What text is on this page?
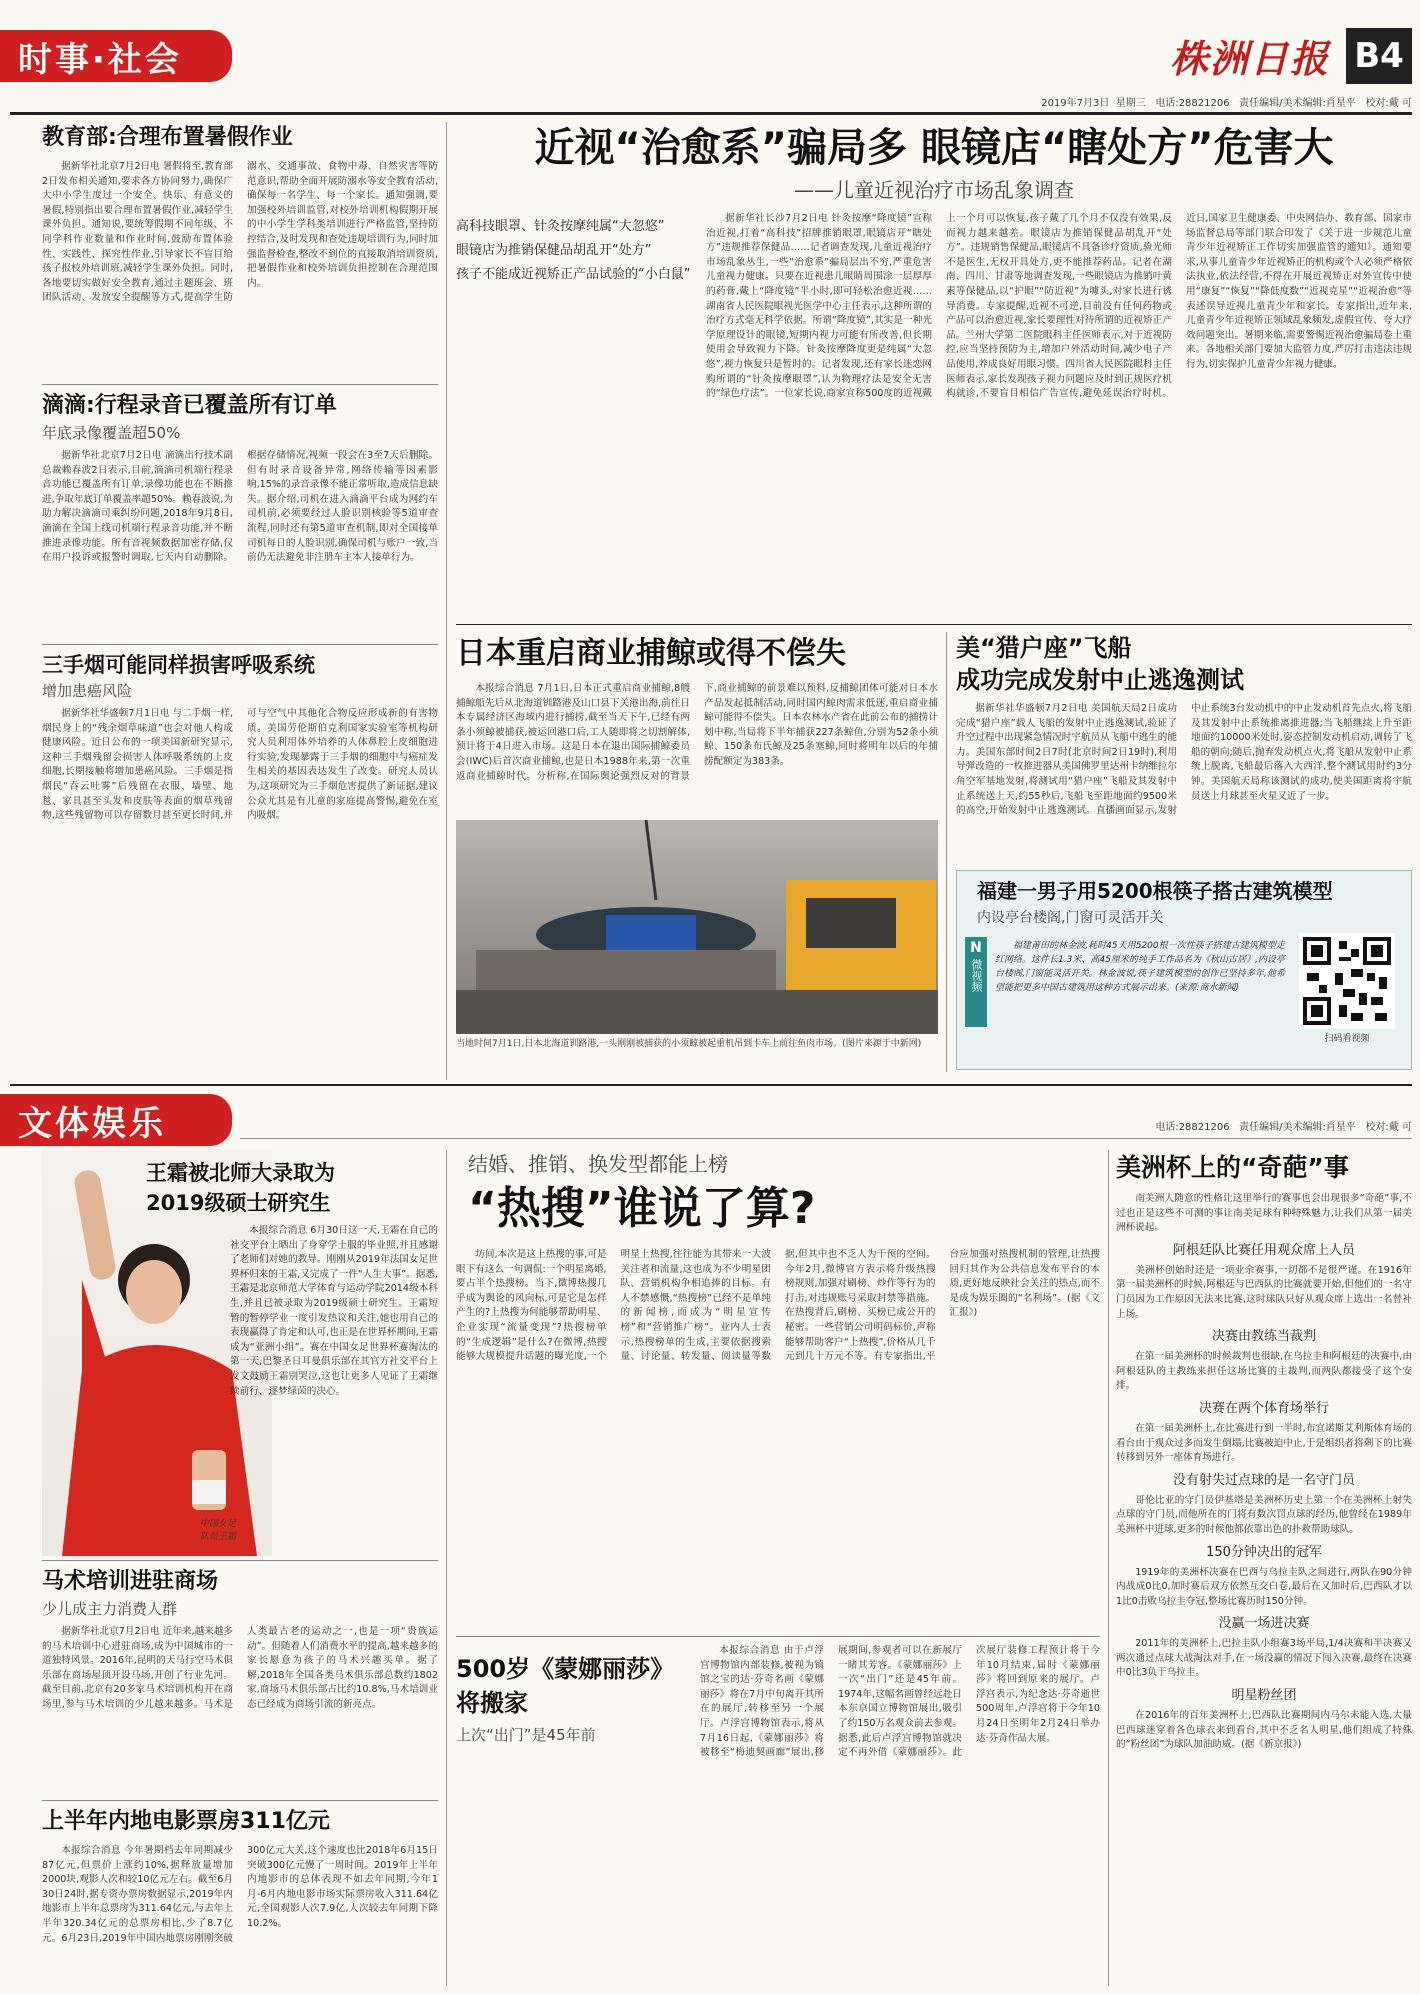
时事·社会	株洲日报 B4
2019年7月3日 星期三 电话:28821206 责任编辑/美术编辑:肖星平 校对:戴 可
教育部:合理布置暑假作业
据新华社北京7月2日电 暑假将至,教育部2日发布相关通知,要求各方协同努力,确保广大中小学生度过一个安全、快乐、有意义的暑假,特别指出要合理布置暑假作业,减轻学生课外负担。通知说,要统筹假期不同年级、不同学科作业数量和作业时间,鼓励布置体验性、实践性、探究性作业,引导家长不盲目给孩子报校外培训班,减轻学生课外负担。同时,各地要切实做好安全教育,通过主题班会、班团队活动、发放安全提醒等方式,提高学生防溺水、交通事故、食物中毒、自然灾害等防范意识,帮助全面开展防溺水等安全教育活动,确保每一名学生、每一个家长。通知强调,要加强校外培训监管,对校外培训机构假期开展的中小学生学科类培训进行严格监管,坚持防控结合,及时发现和查处违规培训行为,同时加强监督检查,整改不到位的直接取消培训资质,把暑假作业和校外培训负担控制在合理范围内。
滴滴:行程录音已覆盖所有订单
年底录像覆盖超50%
据新华社北京7月2日电 滴滴出行技术副总裁赖春波2日表示,目前,滴滴司机端行程录音功能已覆盖所有订单,录像功能也在不断推进,争取年底订单覆盖率超50%。赖春波说,为助力解决滴滴司乘纠纷问题,2018年9月8日,滴滴在全国上线司机端行程录音功能,并不断推进录像功能。所有音视频数据加密存储,仅在用户投诉或报警时调取,七天内自动删除。根据存储情况,视频一段会在3至7天后删除。但有时录音设备异常,网络传输等因素影响,15%的录音录像不能正常听取,造成信息缺失。据介绍,司机在进入滴滴平台成为网约车司机前,必须要经过人脸识别核验等5道审查流程,同时还有第5道审查机制,即对全国接单司机每日的人脸识别,确保司机与账户一致,当前仍无法避免非注册车主本人接单行为。
三手烟可能同样损害呼吸系统
增加患癌风险
据新华社华盛顿7月1日电 与二手烟一样,烟民身上的“残余烟草味道”也会对他人构成健康风险。近日公布的一项美国新研究显示,这种三手烟残留会损害人体呼吸系统的上皮细胞,长期接触将增加患癌风险。三手烟是指烟民“吞云吐雾”后残留在衣服、墙壁、地毯、家具甚至头发和皮肤等表面的烟草残留物,这些残留物可以存留数月甚至更长时间,并可与空气中其他化合物反应形成新的有害物质。美国劳伦斯伯克利国家实验室等机构研究人员利用体外培养的人体鼻腔上皮细胞进行实验,发现暴露于三手烟的细胞中与癌症发生相关的基因表达发生了改变。研究人员认为,这项研究为三手烟危害提供了新证据,建议公众尤其是有儿童的家庭提高警惕,避免在室内吸烟。
近视“治愈系”骗局多 眼镜店“瞎处方”危害大
——儿童近视治疗市场乱象调查
高科技眼罩、针灸按摩纯属“大忽悠”
眼镜店为推销保健品胡乱开“处方”
孩子不能成近视矫正产品试验的“小白鼠”
据新华社长沙7月2日电 针灸按摩“降度镜”宣称治近视,打着“高科技”招牌推销眼罩,眼镜店开“瞎处方”违规推荐保健品……记者调查发现,儿童近视治疗市场乱象丛生,一些“治愈系”骗局层出不穷,严重危害儿童视力健康。只要在近视患儿眼睛周围涂一层厚厚的药膏,戴上“降度镜”半小时,即可轻松治愈近视……湖南省人民医院眼视光医学中心主任表示,这种所谓的治疗方式毫无科学依据。所谓“降度镜”,其实是一种光学原理设计的眼镜,短期内视力可能有所改善,但长期使用会导致视力下降。针灸按摩降度更是纯属“大忽悠”,视力恢复只是暂时的。记者发现,还有家长迷恋网购所谓的“针灸按摩眼罩”,认为物理疗法是安全无害的“绿色疗法”。一位家长说,商家宣称500度的近视戴上一个月可以恢复,孩子戴了几个月不仅没有效果,反而视力越来越差。眼镜店为推销保健品胡乱开“处方”。违规销售保健品,眼镜店不具备诊疗资质,验光师不是医生,无权开具处方,更不能推荐药品。记者在湖南、四川、甘肃等地调查发现,一些眼镜店为推销叶黄素等保健品,以“护眼”“防近视”为噱头,对家长进行诱导消费。专家提醒,近视不可逆,目前没有任何药物或产品可以治愈近视,家长要理性对待所谓的近视矫正产品。兰州大学第二医院眼科主任医师表示,对于近视防控,应当坚持预防为主,增加户外活动时间,减少电子产品使用,养成良好用眼习惯。四川省人民医院眼科主任医师表示,家长发现孩子视力问题应及时到正规医疗机构就诊,不要盲目相信广告宣传,避免延误治疗时机。近日,国家卫生健康委、中央网信办、教育部、国家市场监督总局等部门联合印发了《关于进一步规范儿童青少年近视矫正工作切实加强监管的通知》。通知要求,从事儿童青少年近视矫正的机构或个人必须严格依法执业,依法经营,不得在开展近视矫正对外宣传中使用“康复”“恢复”“降低度数”“近视克星”“近视治愈”等表述误导近视儿童青少年和家长。专家指出,近年来,儿童青少年近视矫正领域乱象频发,虚假宣传、夸大疗效问题突出。暑期来临,需要警惕近视治愈骗局卷土重来。各地相关部门要加大监管力度,严厉打击违法违规行为,切实保护儿童青少年视力健康。
日本重启商业捕鲸或得不偿失
本报综合消息 7月1日,日本正式重启商业捕鲸,8艘捕鲸船先后从北海道钏路港及山口县下关港出海,前往日本专属经济区海域内进行捕捞,截至当天下午,已经有两条小须鲸被捕获,被运回港口后,工人随即将之切割解体,预计将于4日进入市场。这是日本在退出国际捕鲸委员会(IWC)后首次商业捕鲸,也是日本1988年来,第一次重返商业捕鲸时代。分析称,在国际舆论强烈反对的背景下,商业捕鲸的前景难以预料,反捕鲸团体可能对日本水产品发起抵制活动,同时国内鲸肉需求低迷,重启商业捕鲸可能得不偿失。日本农林水产省在此前公布的捕捞计划中称,当局将下半年捕获227条鲸鱼,分别为52条小须鲸、150条布氏鲸及25条塞鲸,同时将明年以后的年捕捞配额定为383条。
当地时间7月1日,日本北海道钏路港,一头刚刚被捕获的小须鲸被起重机吊到卡车上前往鱼肉市场。(图片来源于中新网)
美“猎户座”飞船
成功完成发射中止逃逸测试
据新华社华盛顿7月2日电 美国航天局2日成功完成“猎户座”载人飞船的发射中止逃逸测试,验证了升空过程中出现紧急情况时宇航员从飞船中逃生的能力。美国东部时间2日7时(北京时间2日19时),利用导弹改造的一枚推进器从美国佛罗里达州卡纳维拉尔角空军基地发射,将测试用“猎户座”飞船及其发射中止系统送上天,约55秒后,飞船飞至距地面约9500米的高空,开始发射中止逃逸测试。直播画面显示,发射中止系统3台发动机中的中止发动机首先点火,将飞船及其发射中止系统推离推进器;当飞船继续上升至距地面约10000米处时,姿态控制发动机启动,调转了飞船的朝向;随后,抛弃发动机点火,将飞船从发射中止系统上脱离,飞船最后落入大西洋,整个测试用时约3分钟。美国航天局称该测试的成功,使美国距离将宇航员送上月球甚至火星又近了一步。
福建一男子用5200根筷子搭古建筑模型
内设亭台楼阁,门窗可灵活开关
N
微视频
福建莆田的林金波,耗时45天用5200根一次性筷子搭建古建筑模型走红网络。这件长1.3米、高45厘米的纯手工作品名为《秋山古居》,内设亭台楼阁,门窗能灵活开关。林金波说,筷子建筑模型的创作已坚持多年,他希望能把更多中国古建筑用这种方式展示出来。(来源:商水新闻)
扫码看视频
文体娱乐	电话:28821206 责任编辑/美术编辑:肖星平 校对:戴 可
中国女足
队员王霜
王霜被北师大录取为
2019级硕士研究生
本报综合消息 6月30日这一天,王霜在自己的社交平台上晒出了身穿学士服的毕业照,并且感谢了老师们对她的教导。刚刚从2019年法国女足世界杯归来的王霜,又完成了一件“人生大事”。据悉,王霜是北京师范大学体育与运动学院2014级本科生,并且已被录取为2019级硕士研究生。王霜短暂的暂停学业一度引发热议和关注,她也用自己的表现赢得了肯定和认可,也正是在世界杯期间,王霜成为“亚洲小组”。赛在中国女足世界杯赛淘汰的第一天,巴黎圣日耳曼俱乐部在其官方社交平台上发文鼓励王霜别哭泣,这也让更多人见证了王霜继续前行、逐梦绿茵的决心。
马术培训进驻商场
少儿成主力消费人群
据新华社北京7月2日电 近年来,越来越多的马术培训中心进驻商场,成为中国城市的一道独特风景。2016年,昆明的天马行空马术俱乐部在商场屋顶开设马场,开创了行业先河。截至目前,北京有20多家马术培训机构开在商场里,参与马术培训的少儿越来越多。马术是人类最古老的运动之一,也是一项“贵族运动”。但随着人们消费水平的提高,越来越多的家长愿意为孩子的马术兴趣买单。据了解,2018年全国各类马术俱乐部总数约1802家,商场马术俱乐部占比约10.8%,马术培训业态已经成为商场引流的新亮点。
上半年内地电影票房311亿元
本报综合消息 今年暑期档去年同期减少87亿元,但票价上涨约10%,据释放量增加2000块,观影人次和较10亿元左右。截至6月30日24时,据专资办票房数据显示,2019年内地影市上半年总票房为311.64亿元,与去年上半年320.34亿元的总票房相比,少了8.7亿元。6月23日,2019年中国内地票房刚刚突破300亿元大关,这个速度也比2018年6月15日突破300亿元慢了一周时间。2019年上半年内地影市的总体表现不如去年同期,今年1月-6月内地电影市场实际票房收入311.64亿元,全国观影人次7.9亿,人次较去年同期下降10.2%。
结婚、推销、换发型都能上榜
“热搜”谁说了算?
坊间,本次是这上热搜的事,可是眼下有这么一句调侃:一个明星离婚,要占半个热搜榜。当下,微博热搜几乎成为舆论的风向标,可是它是怎样产生的?上热搜为何能够帮助明星、企业实现“流量变现”?热搜榜单的“生成逻辑”是什么?在微博,热搜能够大规模提升话题的曝光度,一个明星上热搜,往往能为其带来一大波关注者和流量,这也成为不少明星团队、营销机构争相追捧的目标。有人不禁感慨,“热搜榜”已经不是单纯的新闻榜,而成为“明星宣传榜”和“营销推广榜”。业内人士表示,热搜榜单的生成,主要依据搜索量、讨论量、转发量、阅读量等数据,但其中也不乏人为干预的空间。今年2月,微博官方表示将升级热搜榜规则,加强对刷榜、炒作等行为的打击,对违规账号采取封禁等措施。在热搜背后,刷榜、买榜已成公开的秘密。一些营销公司明码标价,声称能够帮助客户“上热搜”,价格从几千元到几十万元不等。有专家指出,平台应加强对热搜机制的管理,让热搜回归其作为公共信息发布平台的本质,更好地反映社会关注的热点,而不是成为娱乐圈的“名利场”。(据《文汇报》)
500岁《蒙娜丽莎》将搬家
上次“出门”是45年前
本报综合消息 由于卢浮宫博物馆内部装修,被视为镇馆之宝的达·芬奇名画《蒙娜丽莎》将在7月中旬离开其所在的展厅,转移至另一个展厅。卢浮宫博物馆表示,将从7月16日起,《蒙娜丽莎》将被移至“梅迪契画廊”展出,移展期间,参观者可以在新展厅一睹其芳容。《蒙娜丽莎》上一次“出门”还是45年前。1974年,这幅名画曾经远赴日本东京国立博物馆展出,吸引了约150万名观众前去参观。据悉,此后卢浮宫博物馆就决定不再外借《蒙娜丽莎》。此次展厅装修工程预计将于今年10月结束,届时《蒙娜丽莎》将回到原来的展厅。卢浮宫表示,为纪念达·芬奇逝世500周年,卢浮宫将于今年10月24日至明年2月24日举办达·芬奇作品大展。
美洲杯上的“奇葩”事
南美洲人随意的性格让这里举行的赛事也会出现很多“奇葩”事,不过也正是这些不可测的事让南美足球有种特殊魅力,让我们从第一届美洲杯说起。
阿根廷队比赛任用观众席上人员
美洲杯创始时还是一项业余赛事,一切都不是很严谨。在1916年第一届美洲杯的时候,阿根廷与巴西队的比赛就要开始,但他们的一名守门员因为工作原因无法来比赛,这时球队只好从观众席上选出一名替补上场。
决赛由教练当裁判
在第一届美洲杯的时候裁判也很缺,在乌拉圭和阿根廷的决赛中,由阿根廷队的主教练来担任这场比赛的主裁判,而两队都接受了这个安排。
决赛在两个体育场举行
在第一届美洲杯上,在比赛进行到一半时,布宜诺斯艾利斯体育场的看台由于观众过多而发生倒塌,比赛被迫中止,于是组织者将剩下的比赛转移到另外一座体育场进行。
没有射失过点球的是一名守门员
哥伦比亚的守门员伊基塔是美洲杯历史上第一个在美洲杯上射失点球的守门员,而他所在的门将有数次罚点球的经历,他曾经在1989年美洲杯中进球,更多的时候他都依靠出色的扑救帮助球队。
150分钟决出的冠军
1919年的美洲杯决赛在巴西与乌拉圭队之间进行,两队在90分钟内战成0比0,加时赛后双方依然互交白卷,最后在又加时后,巴西队才以1比0击败乌拉圭夺冠,整场比赛历时150分钟。
没赢一场进决赛
2011年的美洲杯上,巴拉圭队小组赛3场平局,1/4决赛和半决赛又两次通过点球大战淘汰对手,在一场没赢的情况下闯入决赛,最终在决赛中0比3负于乌拉圭。
明星粉丝团
在2016年的百年美洲杯上,巴西队比赛期间内马尔未能入选,大量巴西球迷穿着各色球衣来到看台,其中不乏名人明星,他们组成了特殊的“粉丝团”为球队加油助威。(据《新京报》)
